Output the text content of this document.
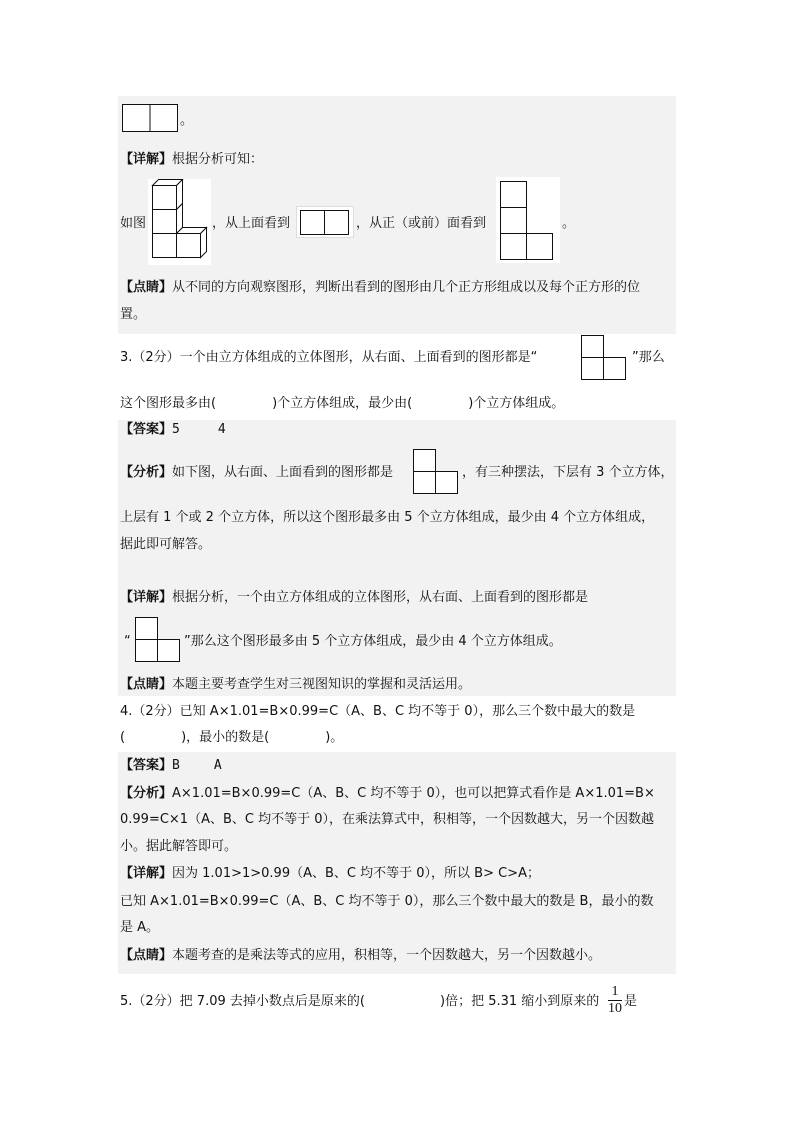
。
【详解】根据分析可知：
如图	，从上面看到	，从正（或前）面看到	。
【点睛】从不同的方向观察图形，判断出看到的图形由几个正方形组成以及每个正方形的位
置。
3.（2分）一个由立方体组成的立体图形，从右面、上面看到的图形都是“	”那么
这个图形最多由(	)个立方体组成，最少由(	)个立方体组成。
【答案】5	4
【分析】如下图，从右面、上面看到的图形都是	，有三种摆法，下层有 3 个立方体，
上层有 1 个或 2 个立方体，所以这个图形最多由 5 个立方体组成，最少由 4 个立方体组成，
据此即可解答。
【详解】根据分析，一个由立方体组成的立体图形，从右面、上面看到的图形都是
“	”那么这个图形最多由 5 个立方体组成，最少由 4 个立方体组成。
【点睛】本题主要考查学生对三视图知识的掌握和灵活运用。
4.（2分）已知 A×1.01=B×0.99=C（A、B、C 均不等于 0），那么三个数中最大的数是
(	)，最小的数是(	)。
【答案】B	A
【分析】A×1.01=B×0.99=C（A、B、C 均不等于 0），也可以把算式看作是 A×1.01=B×
0.99=C×1（A、B、C 均不等于 0），在乘法算式中，积相等，一个因数越大，另一个因数越
小。据此解答即可。
【详解】因为 1.01>1>0.99（A、B、C 均不等于 0），所以 B> C>A；
已知 A×1.01=B×0.99=C（A、B、C 均不等于 0），那么三个数中最大的数是 B，最小的数
是 A。
【点睛】本题考查的是乘法等式的应用，积相等，一个因数越大，另一个因数越小。
5.（2分）把 7.09 去掉小数点后是原来的(	)倍；把 5.31 缩小到原来的
1
10 是
